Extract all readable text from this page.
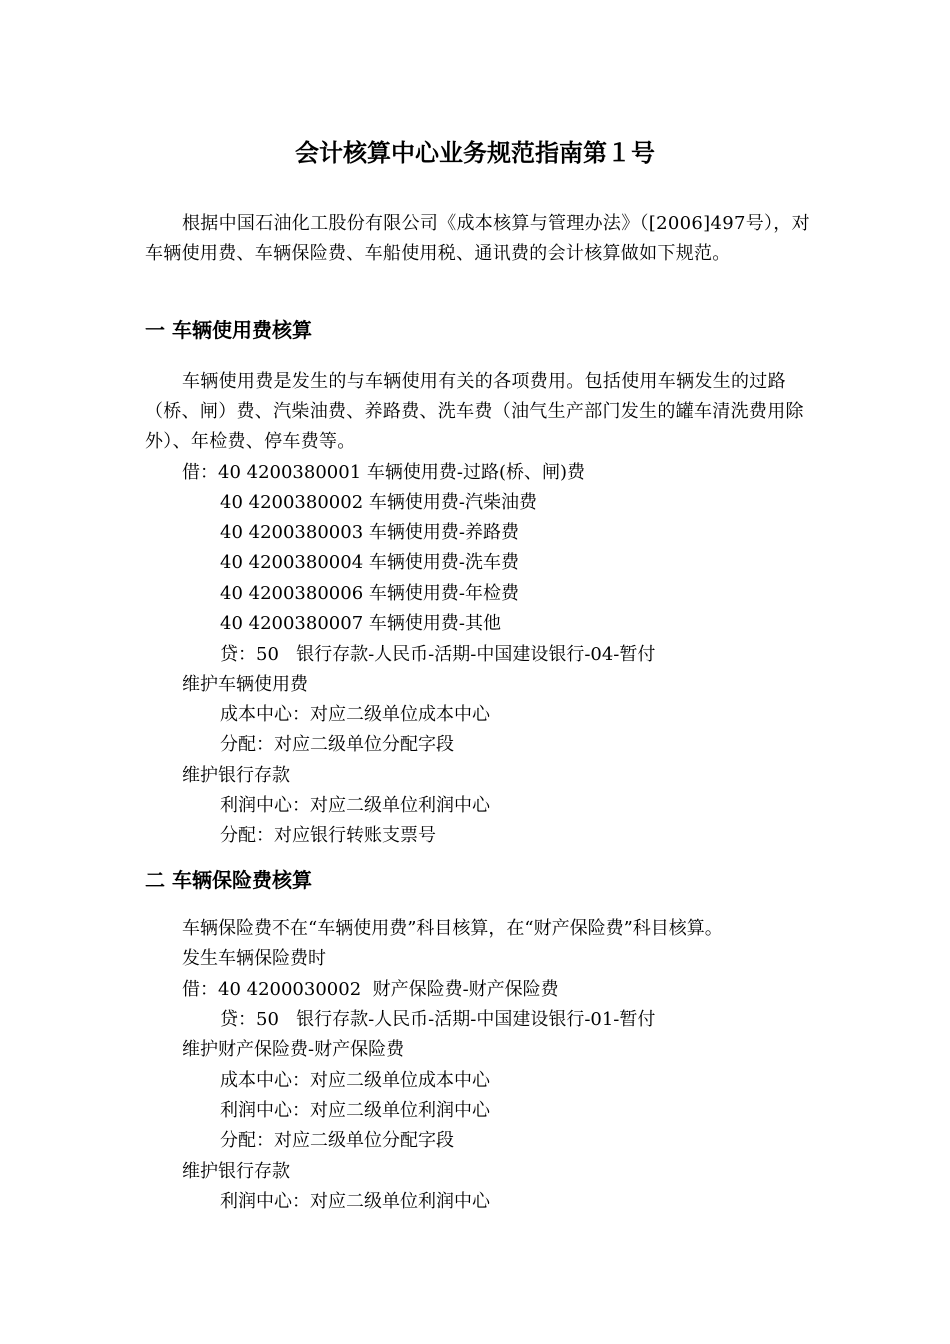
会计核算中心业务规范指南第１号
根据中国石油化工股份有限公司《成本核算与管理办法》（[2006]497号），对车辆使用费、车辆保险费、车船使用税、通讯费的会计核算做如下规范。
一 车辆使用费核算
车辆使用费是发生的与车辆使用有关的各项费用。包括使用车辆发生的过路（桥、闸）费、汽柴油费、养路费、洗车费（油气生产部门发生的罐车清洗费用除外）、年检费、停车费等。
借：40 4200380001 车辆使用费-过路(桥、闸)费
40 4200380002 车辆使用费-汽柴油费
40 4200380003 车辆使用费-养路费
40 4200380004 车辆使用费-洗车费
40 4200380006 车辆使用费-年检费
40 4200380007 车辆使用费-其他
贷：50   银行存款-人民币-活期-中国建设银行-04-暂付
维护车辆使用费
成本中心：对应二级单位成本中心
分配：对应二级单位分配字段
维护银行存款
利润中心：对应二级单位利润中心
分配：对应银行转账支票号
二 车辆保险费核算
车辆保险费不在“车辆使用费”科目核算，在“财产保险费”科目核算。
发生车辆保险费时
借：40 4200030002  财产保险费-财产保险费
贷：50   银行存款-人民币-活期-中国建设银行-01-暂付
维护财产保险费-财产保险费
成本中心：对应二级单位成本中心
利润中心：对应二级单位利润中心
分配：对应二级单位分配字段
维护银行存款
利润中心：对应二级单位利润中心
